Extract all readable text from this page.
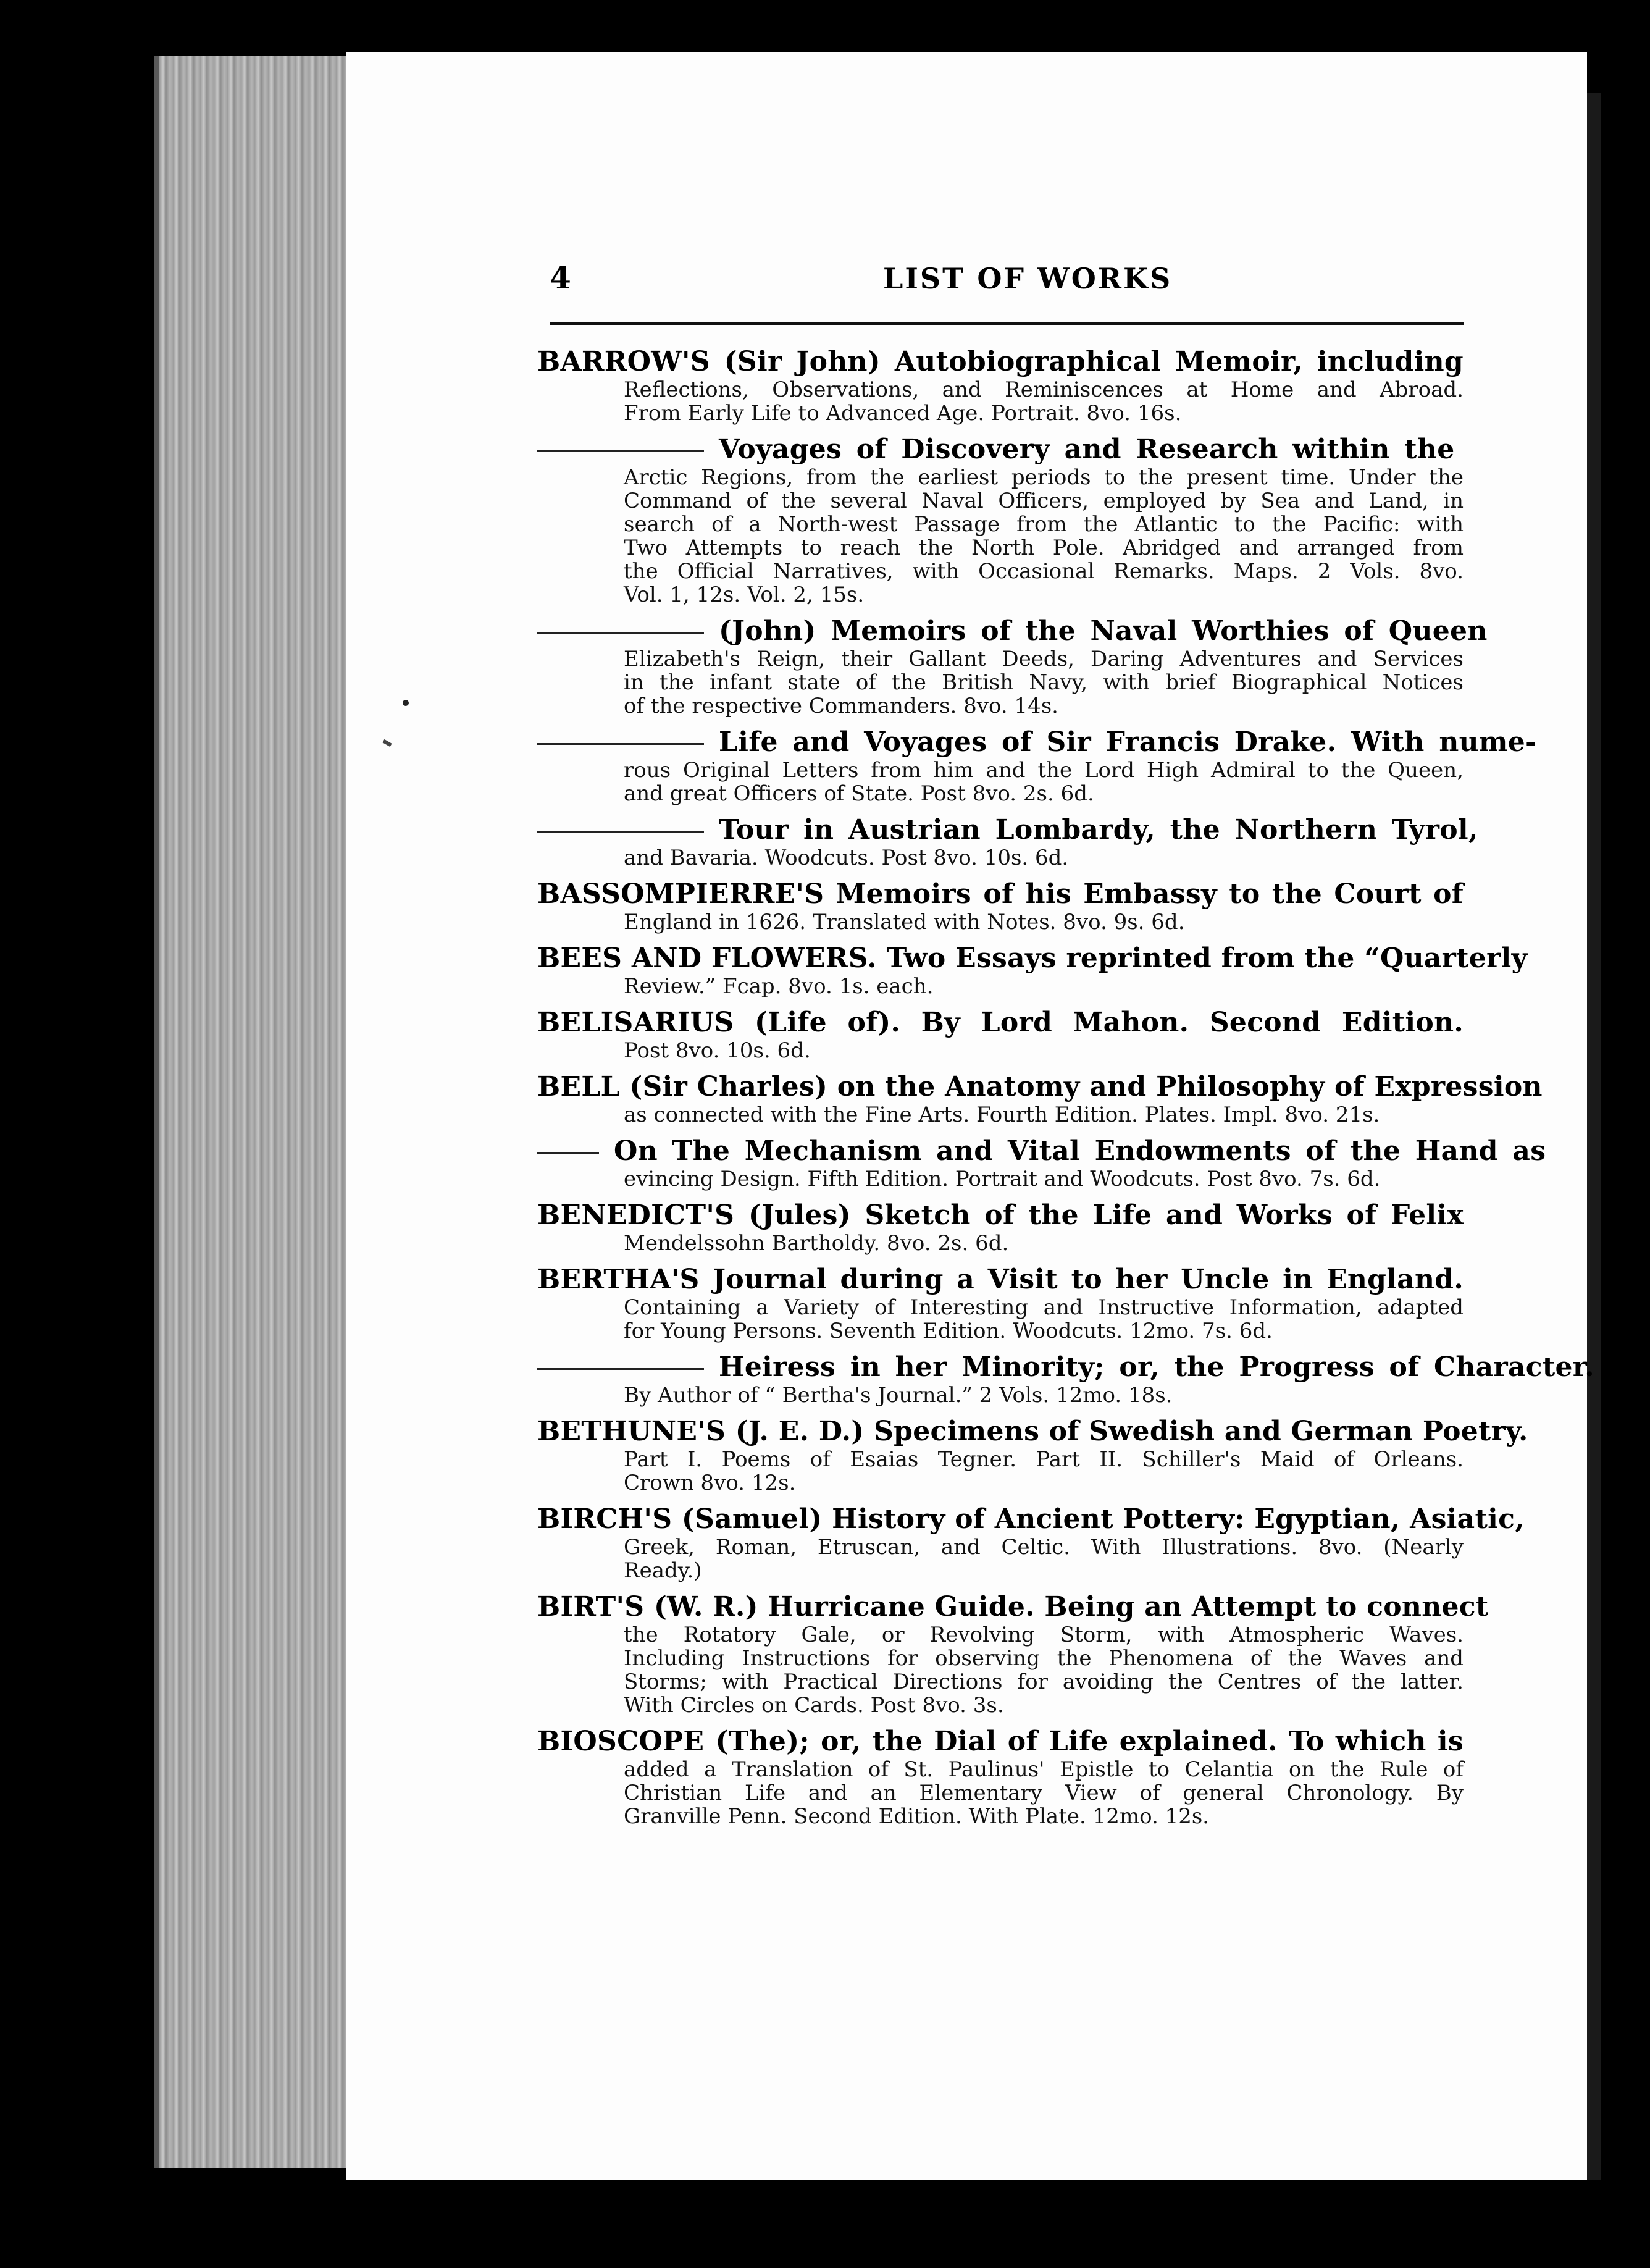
4	LIST OF WORKS
BARROW'S (Sir John) Autobiographical Memoir, including
Reflections, Observations, and Reminiscences at Home and Abroad.
From Early Life to Advanced Age. Portrait. 8vo. 16s.
Voyages of Discovery and Research within the
Arctic Regions, from the earliest periods to the present time. Under the
Command of the several Naval Officers, employed by Sea and Land, in
search of a North-west Passage from the Atlantic to the Pacific: with
Two Attempts to reach the North Pole. Abridged and arranged from
the Official Narratives, with Occasional Remarks. Maps. 2 Vols. 8vo.
Vol. 1, 12s. Vol. 2, 15s.
(John) Memoirs of the Naval Worthies of Queen
Elizabeth's Reign, their Gallant Deeds, Daring Adventures and Services
in the infant state of the British Navy, with brief Biographical Notices
of the respective Commanders. 8vo. 14s.
Life and Voyages of Sir Francis Drake. With nume-
rous Original Letters from him and the Lord High Admiral to the Queen,
and great Officers of State. Post 8vo. 2s. 6d.
Tour in Austrian Lombardy, the Northern Tyrol,
and Bavaria. Woodcuts. Post 8vo. 10s. 6d.
BASSOMPIERRE'S Memoirs of his Embassy to the Court of
England in 1626. Translated with Notes. 8vo. 9s. 6d.
BEES AND FLOWERS. Two Essays reprinted from the “Quarterly
Review.” Fcap. 8vo. 1s. each.
BELISARIUS (Life of). By Lord Mahon. Second Edition.
Post 8vo. 10s. 6d.
BELL (Sir Charles) on the Anatomy and Philosophy of Expression
as connected with the Fine Arts. Fourth Edition. Plates. Impl. 8vo. 21s.
On The Mechanism and Vital Endowments of the Hand as
evincing Design. Fifth Edition. Portrait and Woodcuts. Post 8vo. 7s. 6d.
BENEDICT'S (Jules) Sketch of the Life and Works of Felix
Mendelssohn Bartholdy. 8vo. 2s. 6d.
BERTHA'S Journal during a Visit to her Uncle in England.
Containing a Variety of Interesting and Instructive Information, adapted
for Young Persons. Seventh Edition. Woodcuts. 12mo. 7s. 6d.
Heiress in her Minority; or, the Progress of Character.
By Author of “ Bertha's Journal.” 2 Vols. 12mo. 18s.
BETHUNE'S (J. E. D.) Specimens of Swedish and German Poetry.
Part I. Poems of Esaias Tegner. Part II. Schiller's Maid of Orleans.
Crown 8vo. 12s.
BIRCH'S (Samuel) History of Ancient Pottery: Egyptian, Asiatic,
Greek, Roman, Etruscan, and Celtic. With Illustrations. 8vo. (Nearly
Ready.)
BIRT'S (W. R.) Hurricane Guide. Being an Attempt to connect
the Rotatory Gale, or Revolving Storm, with Atmospheric Waves.
Including Instructions for observing the Phenomena of the Waves and
Storms; with Practical Directions for avoiding the Centres of the latter.
With Circles on Cards. Post 8vo. 3s.
BIOSCOPE (The); or, the Dial of Life explained. To which is
added a Translation of St. Paulinus' Epistle to Celantia on the Rule of
Christian Life and an Elementary View of general Chronology. By
Granville Penn. Second Edition. With Plate. 12mo. 12s.
